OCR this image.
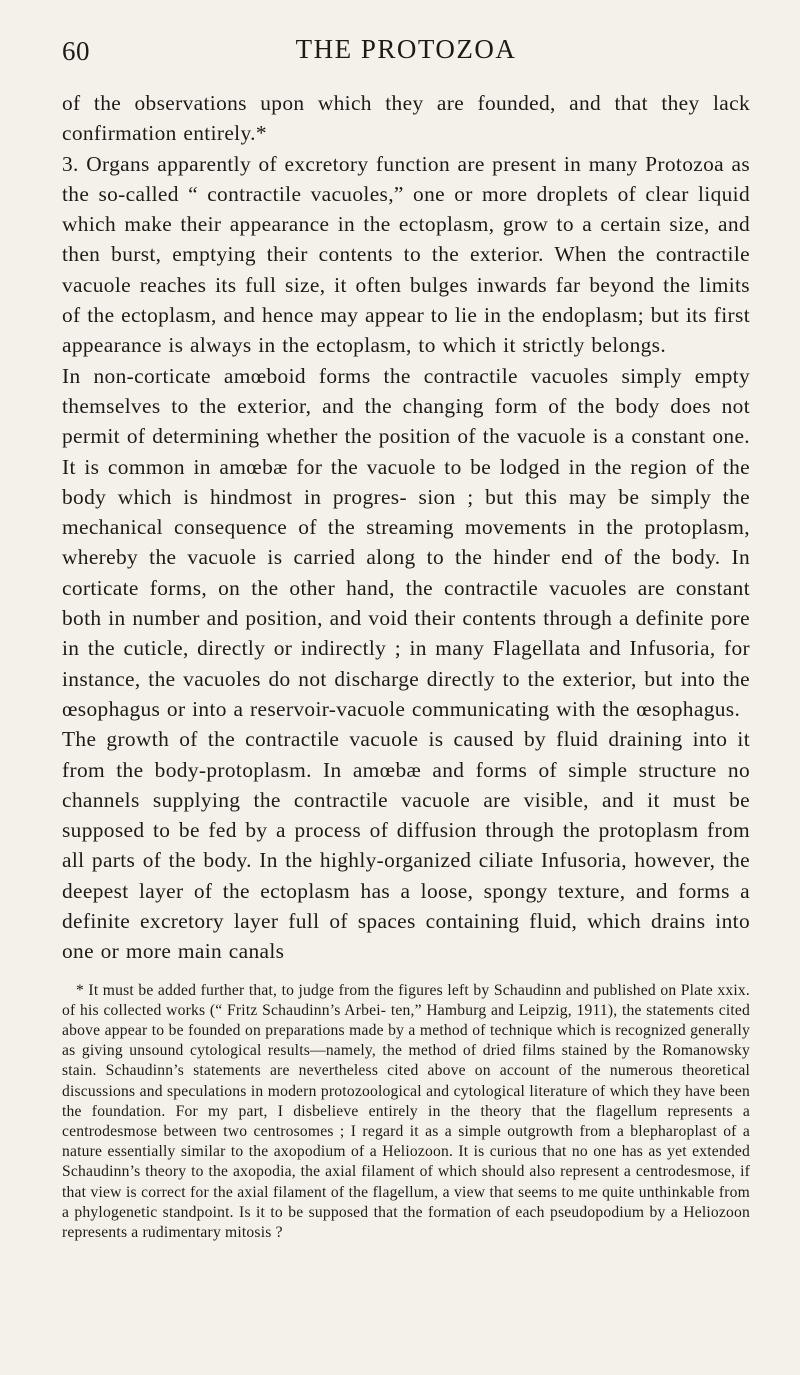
60	THE PROTOZOA

of the observations upon which they are founded, and that they lack confirmation entirely.*

3. Organs apparently of excretory function are present in many Protozoa as the so-called “ contractile vacuoles,” one or more droplets of clear liquid which make their appearance in the ectoplasm, grow to a certain size, and then burst, emptying their contents to the exterior. When the contractile vacuole reaches its full size, it often bulges inwards far beyond the limits of the ectoplasm, and hence may appear to lie in the endoplasm; but its first appearance is always in the ectoplasm, to which it strictly belongs.

In non-corticate amœboid forms the contractile vacuoles simply empty themselves to the exterior, and the changing form of the body does not permit of determining whether the position of the vacuole is a constant one. It is common in amœbæ for the vacuole to be lodged in the region of the body which is hindmost in progres- sion ; but this may be simply the mechanical consequence of the streaming movements in the protoplasm, whereby the vacuole is carried along to the hinder end of the body. In corticate forms, on the other hand, the contractile vacuoles are constant both in number and position, and void their contents through a definite pore in the cuticle, directly or indirectly ; in many Flagellata and Infusoria, for instance, the vacuoles do not discharge directly to the exterior, but into the œsophagus or into a reservoir-vacuole communicating with the œsophagus.

The growth of the contractile vacuole is caused by fluid draining into it from the body-protoplasm. In amœbæ and forms of simple structure no channels supplying the contractile vacuole are visible, and it must be supposed to be fed by a process of diffusion through the protoplasm from all parts of the body. In the highly-organized ciliate Infusoria, however, the deepest layer of the ectoplasm has a loose, spongy texture, and forms a definite excretory layer full of spaces containing fluid, which drains into one or more main canals

* It must be added further that, to judge from the figures left by Schaudinn and published on Plate xxix. of his collected works (“ Fritz Schaudinn’s Arbei- ten,” Hamburg and Leipzig, 1911), the statements cited above appear to be founded on preparations made by a method of technique which is recognized generally as giving unsound cytological results—namely, the method of dried films stained by the Romanowsky stain. Schaudinn’s statements are nevertheless cited above on account of the numerous theoretical discussions and speculations in modern protozoological and cytological literature of which they have been the foundation. For my part, I disbelieve entirely in the theory that the flagellum represents a centrodesmose between two centrosomes ; I regard it as a simple outgrowth from a blepharoplast of a nature essentially similar to the axopodium of a Heliozoon. It is curious that no one has as yet extended Schaudinn’s theory to the axopodia, the axial filament of which should also represent a centrodesmose, if that view is correct for the axial filament of the flagellum, a view that seems to me quite unthinkable from a phylogenetic standpoint. Is it to be supposed that the formation of each pseudopodium by a Heliozoon represents a rudimentary mitosis ?
